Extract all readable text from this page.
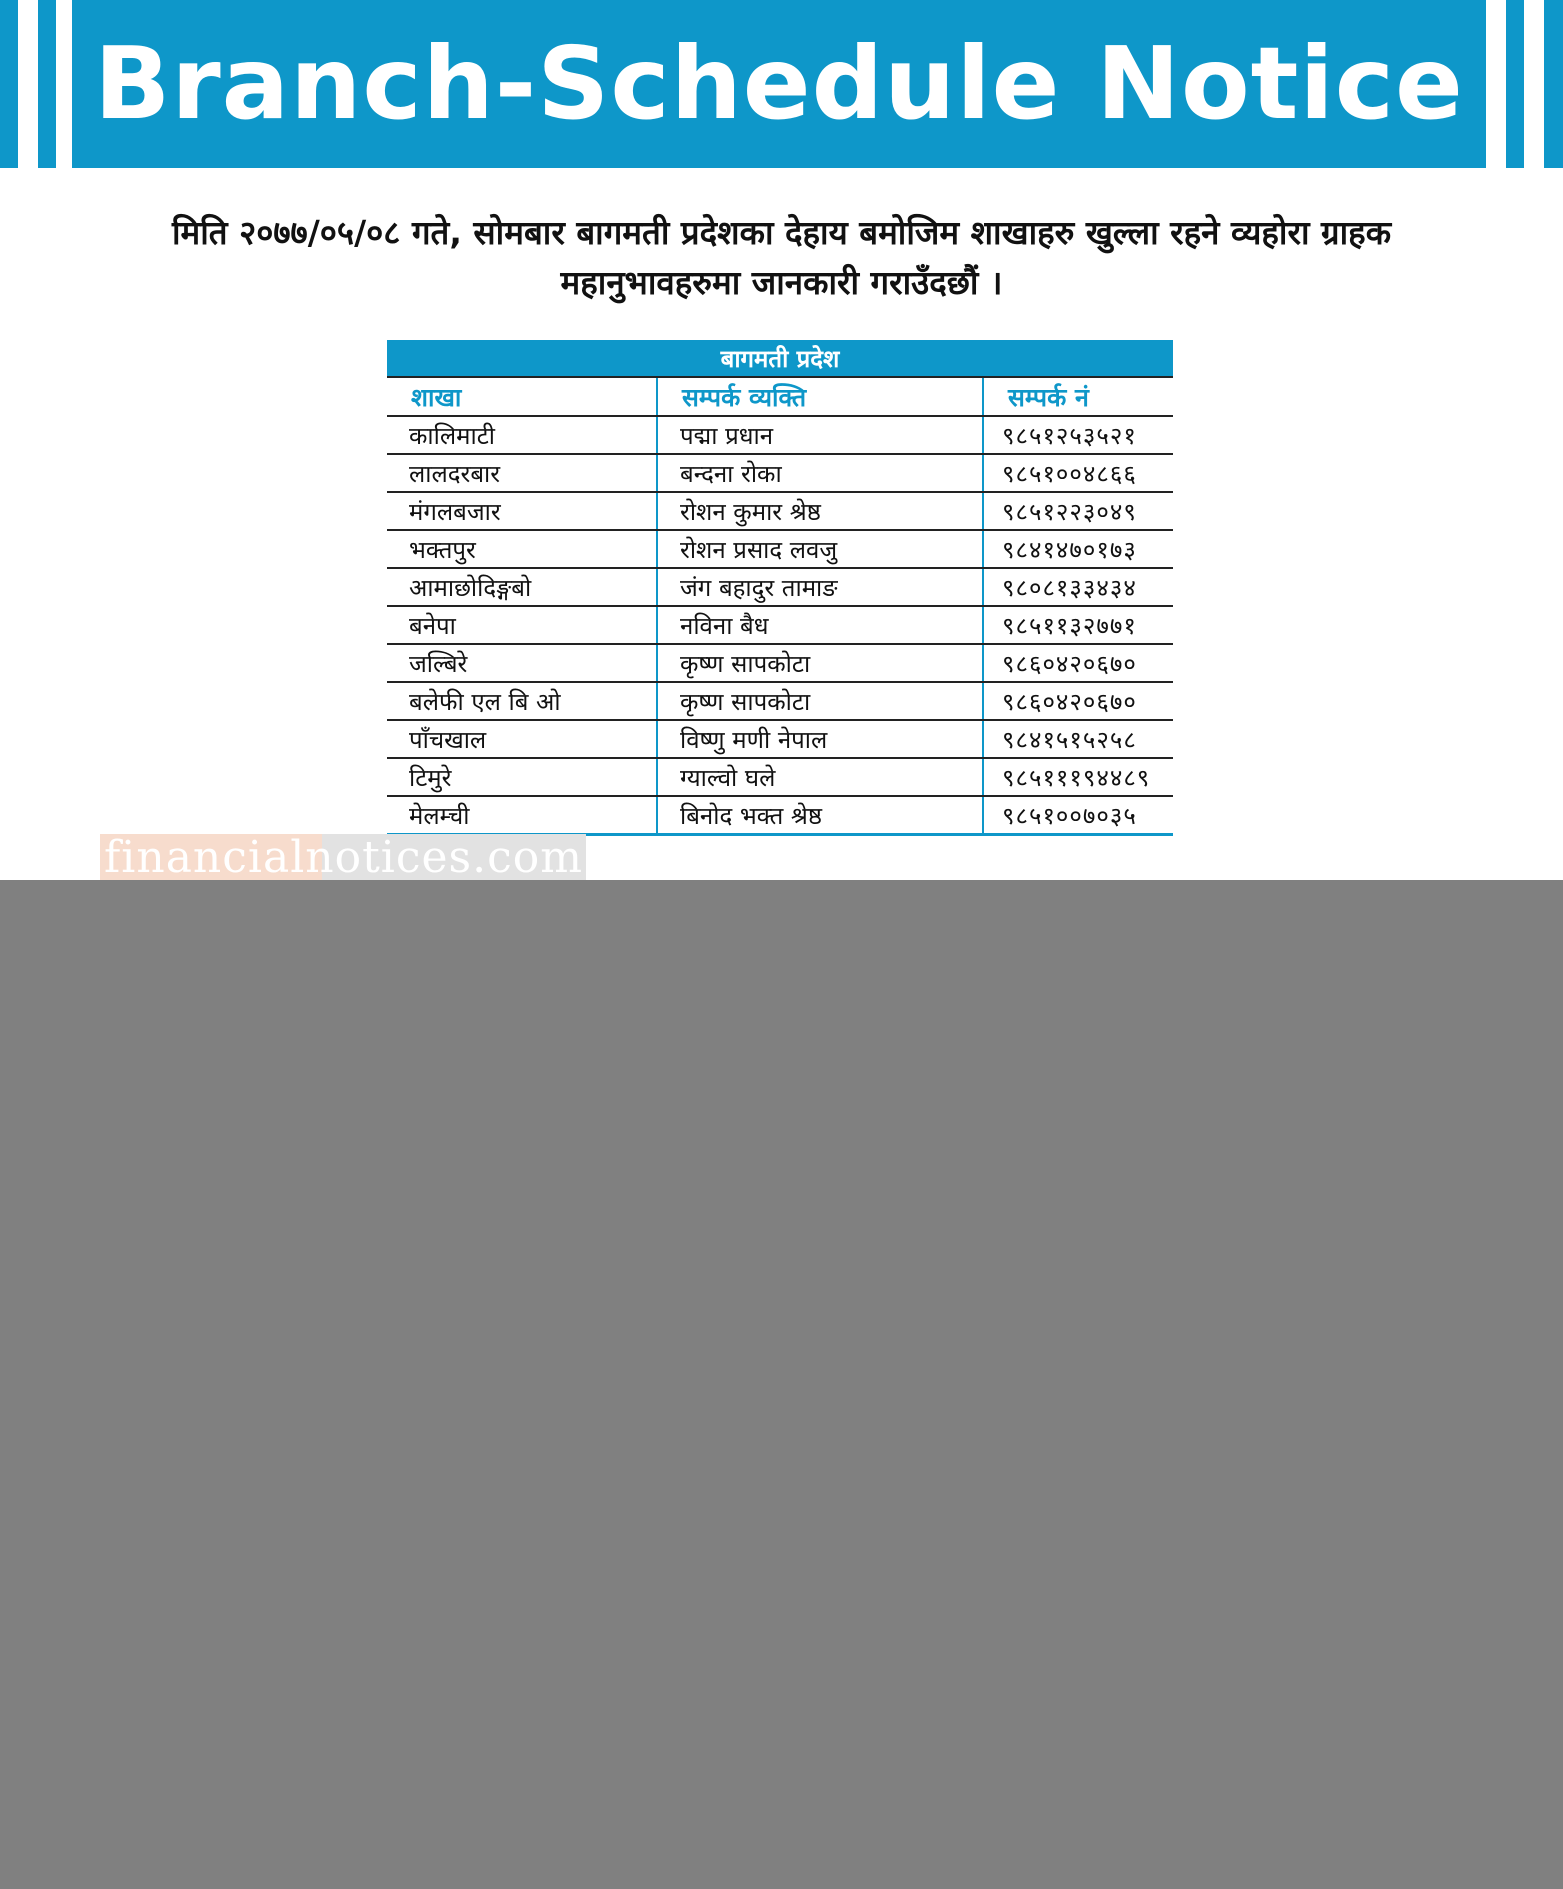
Branch-Schedule Notice
मिति २०७७/०५/०८ गते, सोमबार बागमती प्रदेशका देहाय बमोजिम शाखाहरु खुल्ला रहने व्यहोरा ग्राहक
महानुभावहरुमा जानकारी गराउँदछौं ।
बागमती प्रदेश		
शाखा	सम्पर्क व्यक्ति	सम्पर्क नं
कालिमाटी	पद्मा प्रधान	९८५१२५३५२१
लालदरबार	बन्दना रोका	९८५१००४८६६
मंगलबजार	रोशन कुमार श्रेष्ठ	९८५१२२३०४९
भक्तपुर	रोशन प्रसाद लवजु	९८४१४७०१७३
आमाछोदिङ्गबो	जंग बहादुर तामाङ	९८०८१३३४३४
बनेपा	नविना बैध	९८५११३२७७१
जल्बिरे	कृष्ण सापकोटा	९८६०४२०६७०
बलेफी एल बि ओ	कृष्ण सापकोटा	९८६०४२०६७०
पाँचखाल	विष्णु मणी नेपाल	९८४१५१५२५८
टिमुरे	ग्याल्वो घले	९८५१११९४४८९
मेलम्ची	बिनोद भक्त श्रेष्ठ	९८५१००७०३५
financialnotices.com
